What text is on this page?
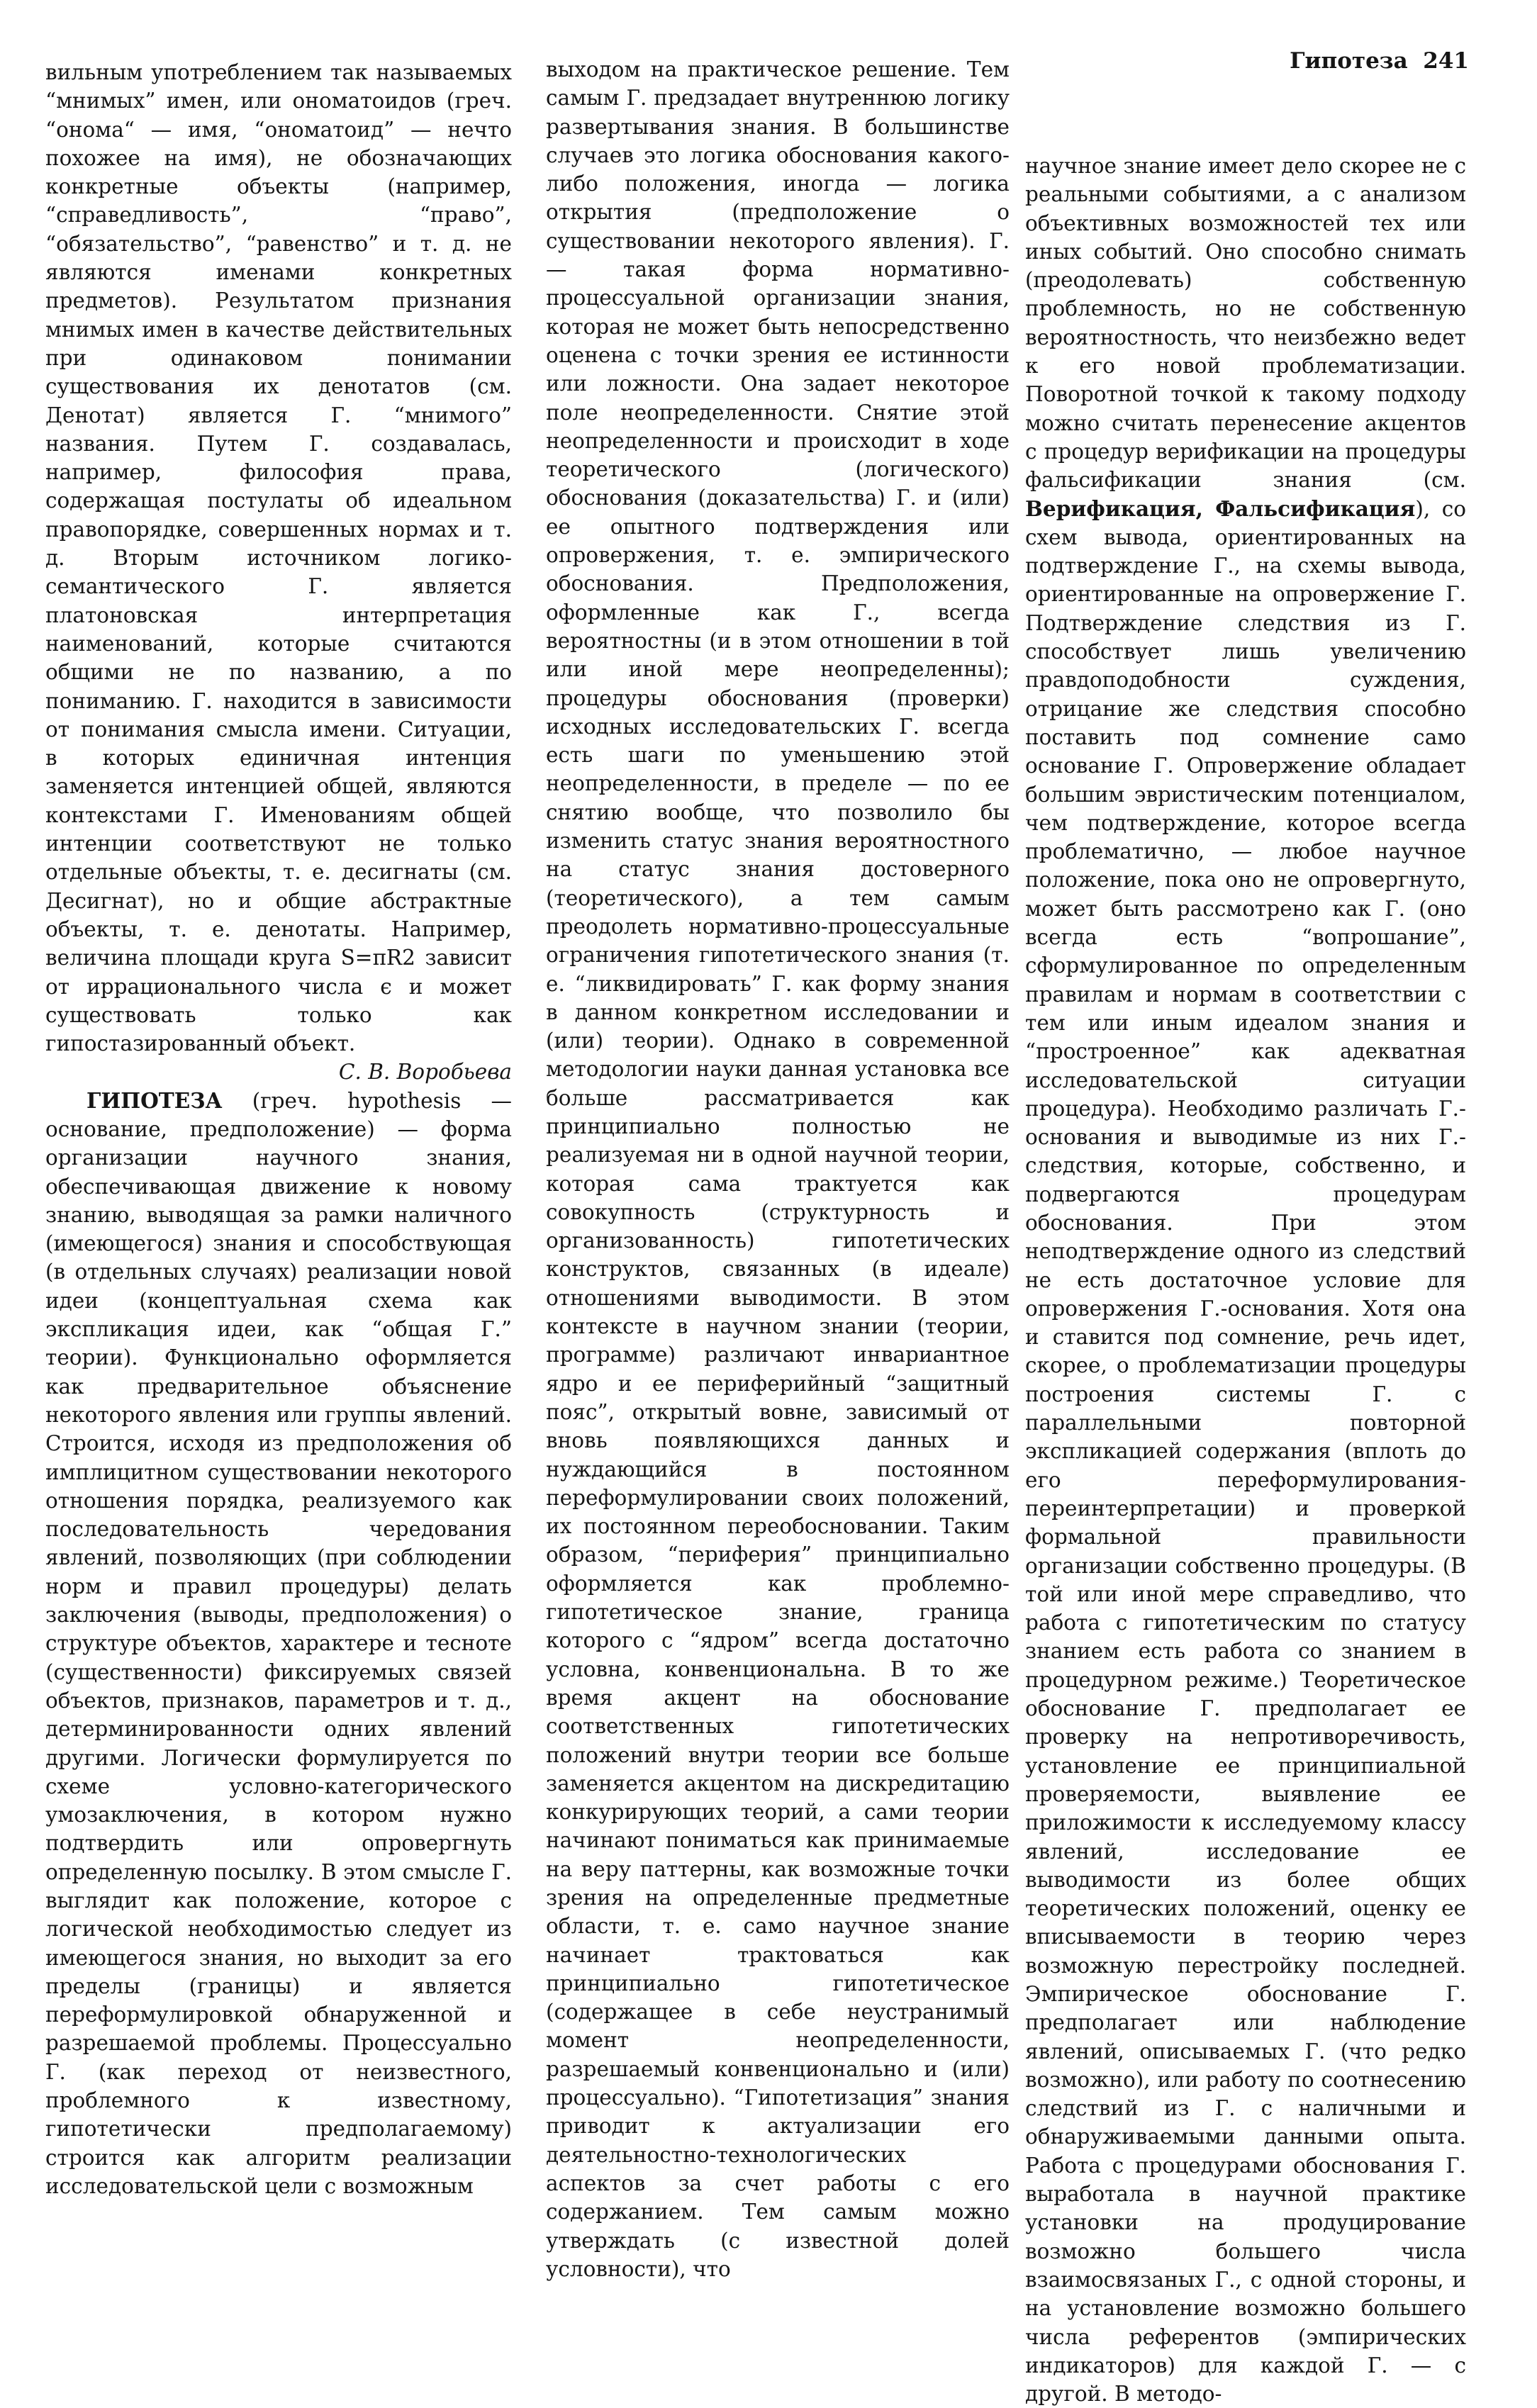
Гипотеза 241

вильным употреблением так называемых “мнимых” имен, или ономатоидов (греч. “онома“ — имя, “ономатоид” — нечто похожее на имя), не обозначающих конкретные объекты (например, “справедливость”, “право”, “обязательство”, “равенство” и т. д. не являются именами конкретных предметов). Результатом признания мнимых имен в качестве действительных при одинаковом понимании существования их денотатов (см. Денотат) является Г. “мнимого” названия. Путем Г. создавалась, например, философия права, содержащая постулаты об идеальном правопорядке, совершенных нормах и т. д. Вторым источником логико-семантического Г. является платоновская интерпретация наименований, которые считаются общими не по названию, а по пониманию. Г. находится в зависимости от понимания смысла имени. Ситуации, в которых единичная интенция заменяется интенцией общей, являются контекстами Г. Именованиям общей интенции соответствуют не только отдельные объекты, т. е. десигнаты (см. Десигнат), но и общие абстрактные объекты, т. е. денотаты. Например, величина площади круга S=πR2 зависит от иррационального числа є и может существовать только как гипостазированный объект.

С. В. Воробьева

ГИПОТЕЗА (греч. hypothesis — основание, предположение) — форма организации научного знания, обеспечивающая движение к новому знанию, выводящая за рамки наличного (имеющегося) знания и способствующая (в отдельных случаях) реализации новой идеи (концептуальная схема как экспликация идеи, как “общая Г.” теории). Функционально оформляется как предварительное объяснение некоторого явления или группы явлений. Строится, исходя из предположения об имплицитном существовании некоторого отношения порядка, реализуемого как последовательность чередования явлений, позволяющих (при соблюдении норм и правил процедуры) делать заключения (выводы, предположения) о структуре объектов, характере и тесноте (существенности) фиксируемых связей объектов, признаков, параметров и т. д., детерминированности одних явлений другими. Логически формулируется по схеме условно-категорического умозаключения, в котором нужно подтвердить или опровергнуть определенную посылку. В этом смысле Г. выглядит как положение, которое с логической необходимостью следует из имеющегося знания, но выходит за его пределы (границы) и является переформулировкой обнаруженной и разрешаемой проблемы. Процессуально Г. (как переход от неизвестного, проблемного к известному, гипотетически предполагаемому) строится как алгоритм реализации исследовательской цели с возможным

выходом на практическое решение. Тем самым Г. предзадает внутреннюю логику развертывания знания. В большинстве случаев это логика обоснования какого-либо положения, иногда — логика открытия (предположение о существовании некоторого явления). Г. — такая форма нормативно-процессуальной организации знания, которая не может быть непосредственно оценена с точки зрения ее истинности или ложности. Она задает некоторое поле неопределенности. Снятие этой неопределенности и происходит в ходе теоретического (логического) обоснования (доказательства) Г. и (или) ее опытного подтверждения или опровержения, т. е. эмпирического обоснования. Предположения, оформленные как Г., всегда вероятностны (и в этом отношении в той или иной мере неопределенны); процедуры обоснования (проверки) исходных исследовательских Г. всегда есть шаги по уменьшению этой неопределенности, в пределе — по ее снятию вообще, что позволило бы изменить статус знания вероятностного на статус знания достоверного (теоретического), а тем самым преодолеть нормативно-процессуальные ограничения гипотетического знания (т. е. “ликвидировать” Г. как форму знания в данном конкретном исследовании и (или) теории). Однако в современной методологии науки данная установка все больше рассматривается как принципиально полностью не реализуемая ни в одной научной теории, которая сама трактуется как совокупность (структурность и организованность) гипотетических конструктов, связанных (в идеале) отношениями выводимости. В этом контексте в научном знании (теории, программе) различают инвариантное ядро и ее периферийный “защитный пояс”, открытый вовне, зависимый от вновь появляющихся данных и нуждающийся в постоянном переформулировании своих положений, их постоянном переобосновании. Таким образом, “периферия” принципиально оформляется как проблемно-гипотетическое знание, граница которого с “ядром” всегда достаточно условна, конвенциональна. В то же время акцент на обоснование соответственных гипотетических положений внутри теории все больше заменяется акцентом на дискредитацию конкурирующих теорий, а сами теории начинают пониматься как принимаемые на веру паттерны, как возможные точки зрения на определенные предметные области, т. е. само научное знание начинает трактоваться как принципиально гипотетическое (содержащее в себе неустранимый момент неопределенности, разрешаемый конвенционально и (или) процессуально). “Гипотетизация” знания приводит к актуализации его деятельностно-технологических аспектов за счет работы с его содержанием. Тем самым можно утверждать (с известной долей условности), что

научное знание имеет дело скорее не с реальными событиями, а с анализом объективных возможностей тех или иных событий. Оно способно снимать (преодолевать) собственную проблемность, но не собственную вероятностность, что неизбежно ведет к его новой проблематизации. Поворотной точкой к такому подходу можно считать перенесение акцентов с процедур верификации на процедуры фальсификации знания (см. Верификация, Фальсификация), со схем вывода, ориентированных на подтверждение Г., на схемы вывода, ориентированные на опровержение Г. Подтверждение следствия из Г. способствует лишь увеличению правдоподобности суждения, отрицание же следствия способно поставить под сомнение само основание Г. Опровержение обладает большим эвристическим потенциалом, чем подтверждение, которое всегда проблематично, — любое научное положение, пока оно не опровергнуто, может быть рассмотрено как Г. (оно всегда есть “вопрошание”, сформулированное по определенным правилам и нормам в соответствии с тем или иным идеалом знания и “простроенное” как адекватная исследовательской ситуации процедура). Необходимо различать Г.-основания и выводимые из них Г.-следствия, которые, собственно, и подвергаются процедурам обоснования. При этом неподтверждение одного из следствий не есть достаточное условие для опровержения Г.-основания. Хотя она и ставится под сомнение, речь идет, скорее, о проблематизации процедуры построения системы Г. с параллельными повторной экспликацией содержания (вплоть до его переформулирования-переинтерпретации) и проверкой формальной правильности организации собственно процедуры. (В той или иной мере справедливо, что работа с гипотетическим по статусу знанием есть работа со знанием в процедурном режиме.) Теоретическое обоснование Г. предполагает ее проверку на непротиворечивость, установление ее принципиальной проверяемости, выявление ее приложимости к исследуемому классу явлений, исследование ее выводимости из более общих теоретических положений, оценку ее вписываемости в теорию через возможную перестройку последней. Эмпирическое обоснование Г. предполагает или наблюдение явлений, описываемых Г. (что редко возможно), или работу по соотнесению следствий из Г. с наличными и обнаруживаемыми данными опыта. Работа с процедурами обоснования Г. выработала в научной практике установки на продуцирование возможно большего числа взаимосвязаных Г., с одной стороны, и на установление возможно большего числа референтов (эмпирических индикаторов) для каждой Г. — с другой. В методо-
